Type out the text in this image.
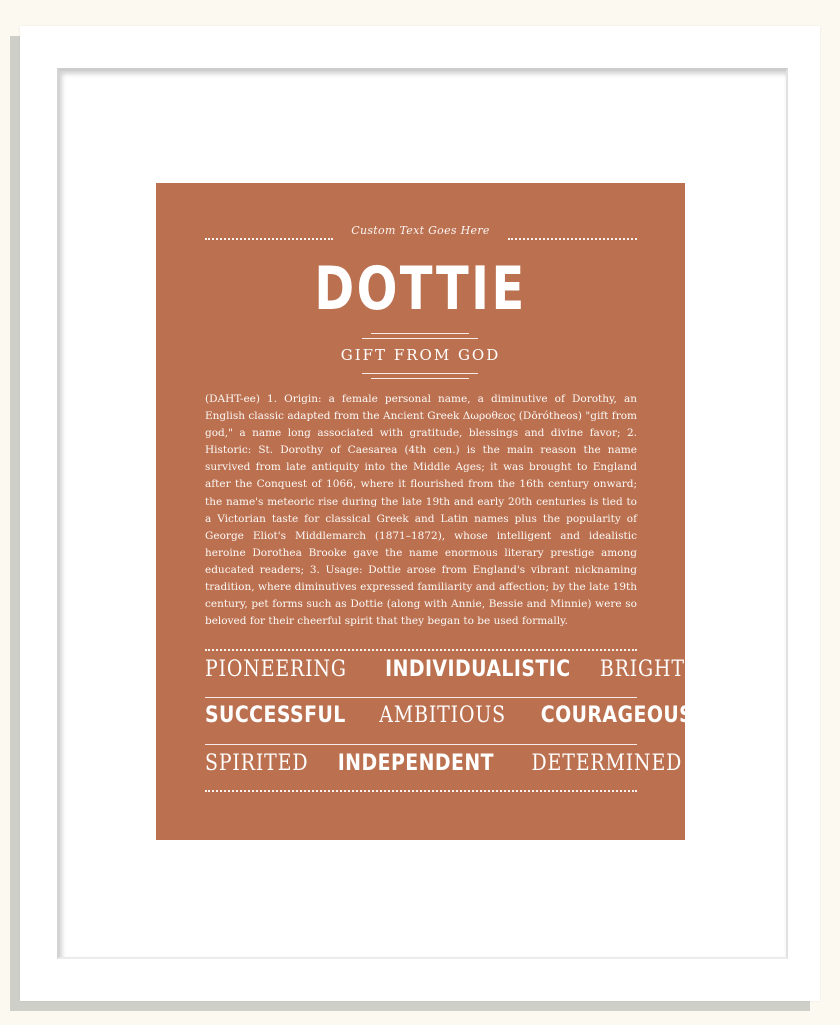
Custom Text Goes Here
DOTTIE
GIFT FROM GOD
(DAHT-ee) 1. Origin: a female personal name, a diminutive of Dorothy, an English classic adapted from the Ancient Greek Δωροθεος (Dōrótheos) "gift from god," a name long associated with gratitude, blessings and divine favor; 2. Historic: St. Dorothy of Caesarea (4th cen.) is the main reason the name survived from late antiquity into the Middle Ages; it was brought to England after the Conquest of 1066, where it flourished from the 16th century onward; the name's meteoric rise during the late 19th and early 20th centuries is tied to a Victorian taste for classical Greek and Latin names plus the popularity of George Eliot's Middlemarch (1871–1872), whose intelligent and idealistic heroine Dorothea Brooke gave the name enormous literary prestige among educated readers; 3. Usage: Dottie arose from England's vibrant nicknaming tradition, where diminutives expressed familiarity and affection; by the late 19th century, pet forms such as Dottie (along with Annie, Bessie and Minnie) were so beloved for their cheerful spirit that they began to be used formally.
PIONEERING INDIVIDUALISTIC BRIGHT
SUCCESSFUL AMBITIOUS COURAGEOUS
SPIRITED INDEPENDENT DETERMINED
